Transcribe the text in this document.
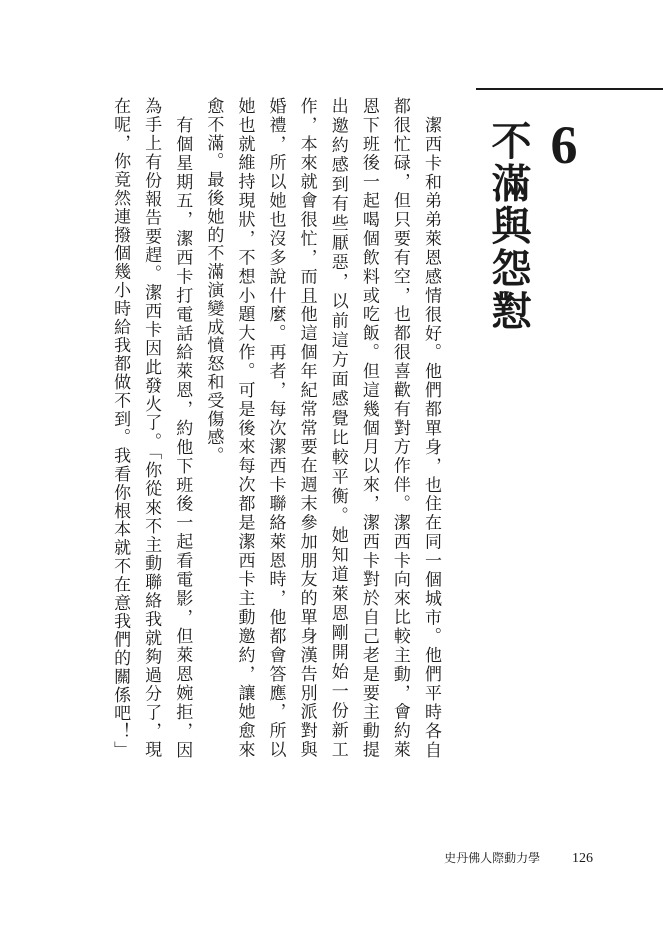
6
不滿與怨懟

潔西卡和弟弟萊恩感情很好。他們都單身，也住在同一個城市。他們平時各自都很忙碌，但只要有空，也都很喜歡有對方作伴。潔西卡向來比較主動，會約萊恩下班後一起喝個飲料或吃飯。但這幾個月以來，潔西卡對於自己老是要主動提出邀約感到有些厭惡，以前這方面感覺比較平衡。她知道萊恩剛開始一份新工作，本來就會很忙，而且他這個年紀常常要在週末參加朋友的單身漢告別派對與婚禮，所以她也沒多說什麼。再者，每次潔西卡聯絡萊恩時，他都會答應，所以她也就維持現狀，不想小題大作。可是後來每次都是潔西卡主動邀約，讓她愈來愈不滿。最後她的不滿演變成憤怒和受傷感。

有個星期五，潔西卡打電話給萊恩，約他下班後一起看電影，但萊恩婉拒，因為手上有份報告要趕。潔西卡因此發火了。「你從來不主動聯絡我就夠過分了，現在呢，你竟然連撥個幾小時給我都做不到。我看你根本就不在意我們的關係吧！」

史丹佛人際動力學 126
